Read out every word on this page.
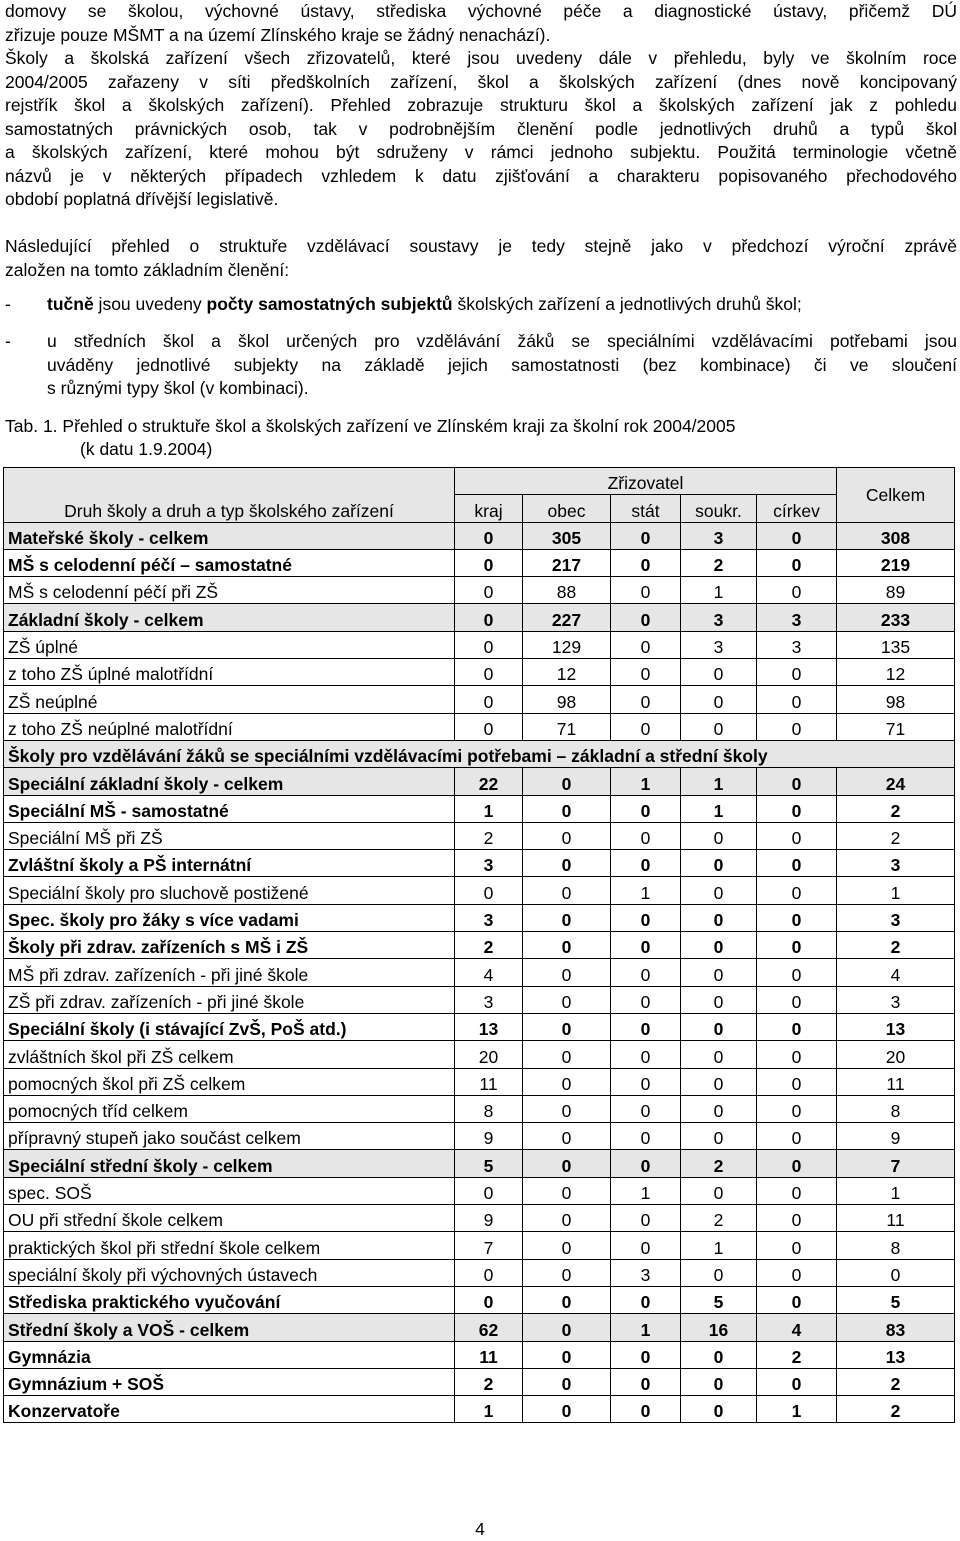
domovy se školou, výchovné ústavy, střediska výchovné péče a diagnostické ústavy, přičemž DÚ
zřizuje pouze MŠMT a na území Zlínského kraje se žádný nenachází).
Školy a školská zařízení všech zřizovatelů, které jsou uvedeny dále v přehledu, byly ve školním roce
2004/2005 zařazeny v síti předškolních zařízení, škol a školských zařízení (dnes nově koncipovaný
rejstřík škol a školských zařízení). Přehled zobrazuje strukturu škol a školských zařízení jak z pohledu
samostatných právnických osob, tak v podrobnějším členění podle jednotlivých druhů a typů škol
a školských zařízení, které mohou být sdruženy v rámci jednoho subjektu. Použitá terminologie včetně
názvů je v některých případech vzhledem k datu zjišťování a charakteru popisovaného přechodového
období poplatná dřívější legislativě.
Následující přehled o struktuře vzdělávací soustavy je tedy stejně jako v předchozí výroční zprávě
založen na tomto základním členění:
- tučně jsou uvedeny počty samostatných subjektů školských zařízení a jednotlivých druhů škol;
- u středních škol a škol určených pro vzdělávání žáků se speciálními vzdělávacími potřebami jsou
uváděny jednotlivé subjekty na základě jejich samostatnosti (bez kombinace) či ve sloučení
s různými typy škol (v kombinaci).
Tab. 1. Přehled o struktuře škol a školských zařízení ve Zlínském kraji za školní rok 2004/2005
(k datu 1.9.2004)
	Zřizovatel					Celkem
Druh školy a druh a typ školského zařízení	kraj	obec	stát	soukr.	církev	
Mateřské školy - celkem	0	305	0	3	0	308
MŠ s celodenní péčí – samostatné	0	217	0	2	0	219
MŠ s celodenní péčí při ZŠ	0	88	0	1	0	89
Základní školy - celkem	0	227	0	3	3	233
ZŠ úplné	0	129	0	3	3	135
z toho ZŠ úplné malotřídní	0	12	0	0	0	12
ZŠ neúplné	0	98	0	0	0	98
z toho ZŠ neúplné malotřídní	0	71	0	0	0	71
Školy pro vzdělávání žáků se speciálními vzdělávacími potřebami – základní a střední školy						
Speciální základní školy - celkem	22	0	1	1	0	24
Speciální MŠ - samostatné	1	0	0	1	0	2
Speciální MŠ při ZŠ	2	0	0	0	0	2
Zvláštní školy a PŠ internátní	3	0	0	0	0	3
Speciální školy pro sluchově postižené	0	0	1	0	0	1
Spec. školy pro žáky s více vadami	3	0	0	0	0	3
Školy při zdrav. zařízeních s MŠ i ZŠ	2	0	0	0	0	2
MŠ při zdrav. zařízeních - při jiné škole	4	0	0	0	0	4
ZŠ při zdrav. zařízeních - při jiné škole	3	0	0	0	0	3
Speciální školy (i stávající ZvŠ, PoŠ atd.)	13	0	0	0	0	13
zvláštních škol při ZŠ celkem	20	0	0	0	0	20
pomocných škol při ZŠ celkem	11	0	0	0	0	11
pomocných tříd celkem	8	0	0	0	0	8
přípravný stupeň jako součást celkem	9	0	0	0	0	9
Speciální střední školy - celkem	5	0	0	2	0	7
spec. SOŠ	0	0	1	0	0	1
OU při střední škole celkem	9	0	0	2	0	11
praktických škol při střední škole celkem	7	0	0	1	0	8
speciální školy při výchovných ústavech	0	0	3	0	0	0
Střediska praktického vyučování	0	0	0	5	0	5
Střední školy a VOŠ - celkem	62	0	1	16	4	83
Gymnázia	11	0	0	0	2	13
Gymnázium + SOŠ	2	0	0	0	0	2
Konzervatoře	1	0	0	0	1	2
4
